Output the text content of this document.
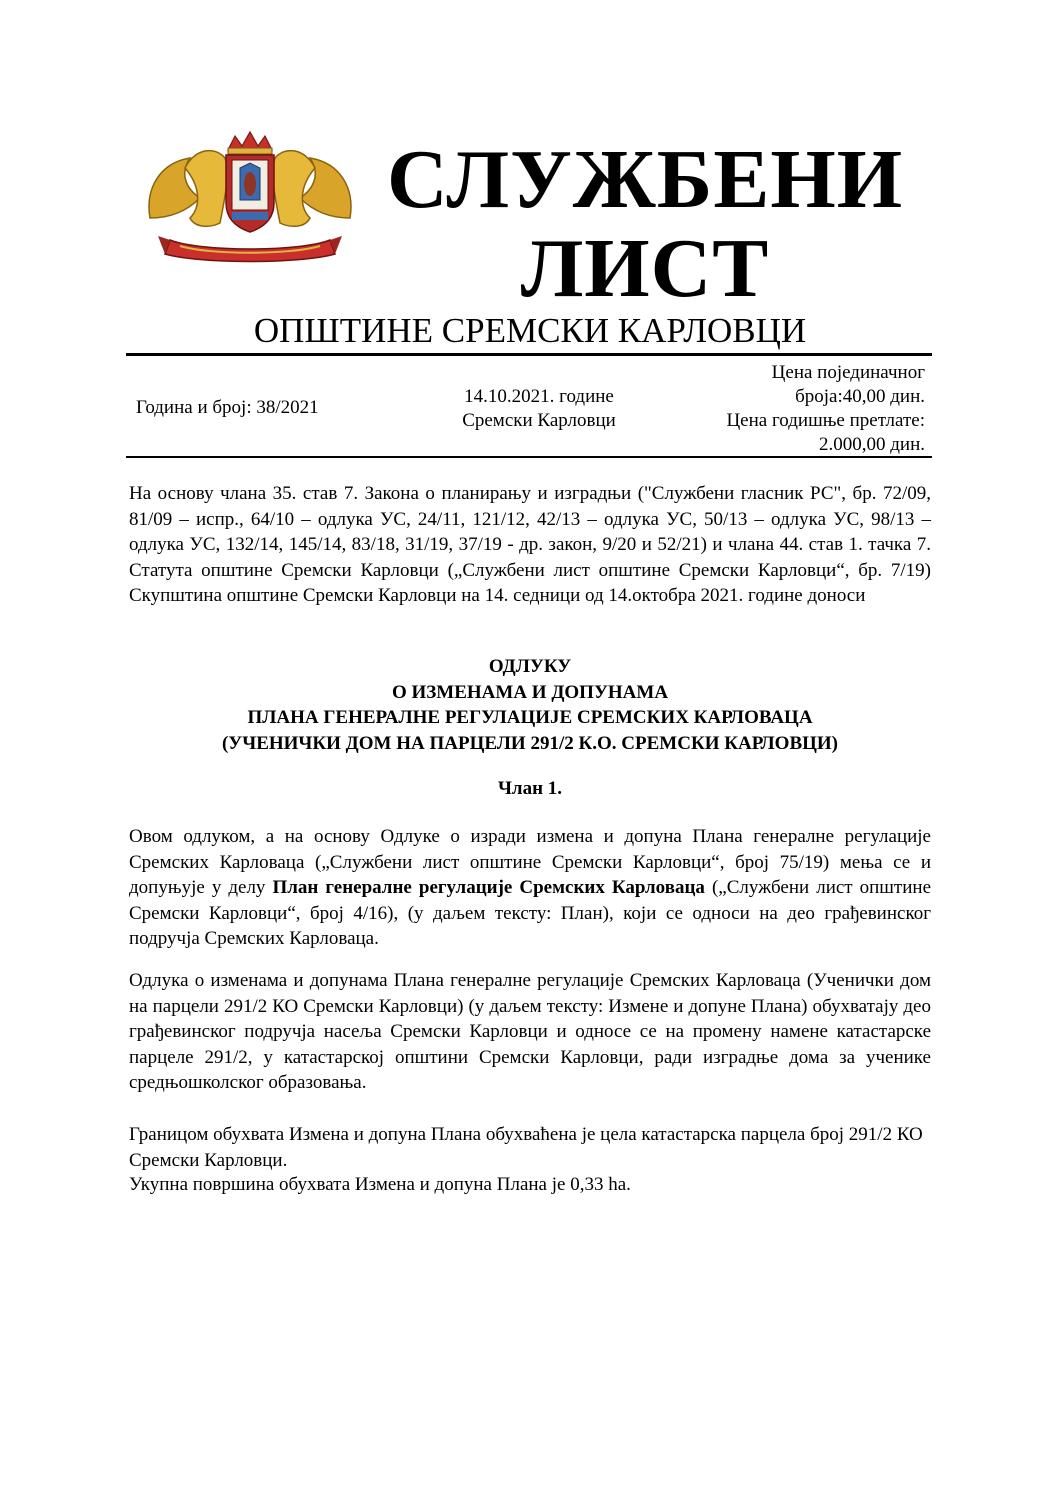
СЛУЖБЕНИ
ЛИСТ
ОПШТИНЕ СРЕМСКИ КАРЛОВЦИ
Година и број: 38/2021
14.10.2021. године
Сремски Карловци
Цена појединачног
броја:40,00 дин.
Цена годишње претлате:
2.000,00 дин.
На основу члана 35. став 7. Закона о планирању и изградњи ("Службени гласник РС", бр. 72/09, 81/09 – испр., 64/10 – одлука УС, 24/11, 121/12, 42/13 – одлука УС, 50/13 – одлука УС, 98/13 – одлука УС, 132/14, 145/14, 83/18, 31/19, 37/19 - др. закон, 9/20 и 52/21) и члана 44. став 1. тачка 7. Статута општине Сремски Карловци („Службени лист општине Сремски Карловци“, бр. 7/19) Скупштина општине Сремски Карловци на 14. седници од 14.октобра 2021. године доноси
ОДЛУКУ
О ИЗМЕНАМА И ДОПУНАМА
ПЛАНА ГЕНЕРАЛНЕ РЕГУЛАЦИЈЕ СРЕМСКИХ КАРЛОВАЦА
(УЧЕНИЧКИ ДОМ НА ПАРЦЕЛИ 291/2 К.О. СРЕМСКИ КАРЛОВЦИ)
Члан 1.
Овом одлуком, а на основу Одлуке о изради измена и допуна Плана генералне регулације Сремских Карловаца („Службени лист општине Сремски Карловци“, број 75/19) мења се и допуњује у делу План генералне регулације Сремских Карловаца („Службени лист општине Сремски Карловци“, број 4/16), (у даљем тексту: План), који се односи на део грађевинског подручја Сремских Карловаца.
Одлука о изменама и допунама Плана генералне регулације Сремских Карловаца (Ученички дом на парцели 291/2 КО Сремски Карловци) (у даљем тексту: Измене и допуне Плана) обухватају део грађевинског подручја насеља Сремски Карловци и односе се на промену намене катастарске парцеле 291/2, у катастарској општини Сремски Карловци, ради изградње дома за ученике средњошколског образовања.
Границом обухвата Измена и допуна Плана обухваћена је цела катастарска парцела број 291/2 КО Сремски Карловци.
Укупна површина обухвата Измена и допуна Плана је 0,33 ha.
